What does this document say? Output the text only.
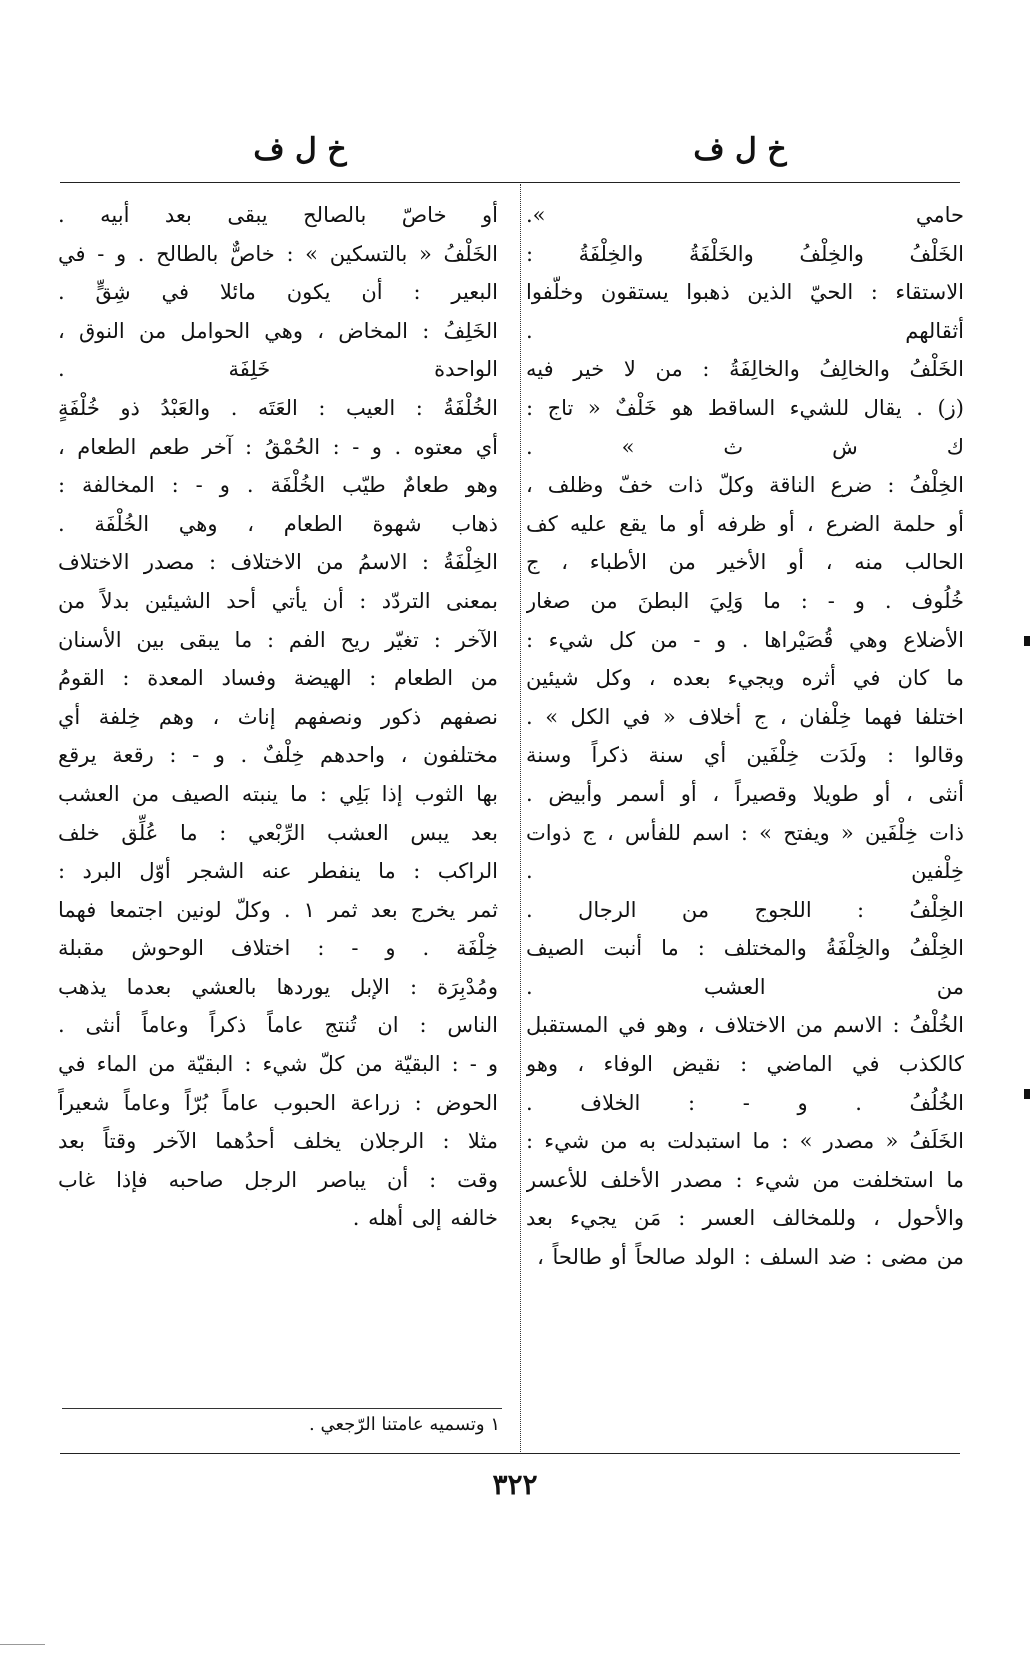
خ ل ف
خ ل ف
حامي ».
الخَلْفُ والخِلْفُ والخَلْفَةُ والخِلْفَةُ :
الاستقاء : الحيّ الذين ذهبوا يستقون وخلّفوا
أثقالهم .
الخَلْفُ والخالِفُ والخالِفَةُ : من لا خير فيه
(ز) . يقال للشيء الساقط هو خَلْفٌ « تاج :
ك ش ث » .
الخِلْفُ : ضرع الناقة وكلّ ذات خفّ وظلف ،
أو حلمة الضرع ، أو ظرفه أو ما يقع عليه كف
الحالب منه ، أو الأخير من الأطباء ، ج
خُلُوف . و - : ما وَلِيَ البطنَ من صغار
الأضلاع وهي قُصَيْراها . و - من كل شيء :
ما كان في أثره ويجيء بعده ، وكل شيئين
اختلفا فهما خِلْفان ، ج أخلاف « في الكل » .
وقالوا : ولَدَت خِلْفَين أي سنة ذكراً وسنة
أنثى ، أو طويلا وقصيراً ، أو أسمر وأبيض .
ذات خِلْفَين « ويفتح » : اسم للفأس ، ج ذوات
خِلْفين .
الخِلْفُ : اللجوج من الرجال .
الخِلْفُ والخِلْفَةُ والمختلف : ما أنبت الصيف
من العشب .
الخُلْفُ : الاسم من الاختلاف ، وهو في المستقبل
كالكذب في الماضي : نقيض الوفاء ، وهو
الخُلُفُ . و - : الخلاف .
الخَلَفُ « مصدر » : ما استبدلت به من شيء :
ما استخلفت من شيء : مصدر الأخلف للأعسر
والأحول ، وللمخالف العسر : مَن يجيء بعد
من مضى : ضد السلف : الولد صالحاً أو طالحاً ،
أو خاصّ بالصالح يبقى بعد أبيه .
الخَلْفُ « بالتسكين » : خاصٌّ بالطالح . و - في
البعير : أن يكون مائلا في شِقٍّ .
الخَلِفُ : المخاض ، وهي الحوامل من النوق ،
الواحدة خَلِفَة .
الخُلْفَةُ : العيب : العَتَه . والعَبْدُ ذو خُلْفَةٍ
أي معتوه . و - : الحُمْقُ : آخر طعم الطعام ،
وهو طعامٌ طيّب الخُلْفَة . و - : المخالفة :
ذهاب شهوة الطعام ، وهي الخُلْفَة .
الخِلْفَةُ : الاسمُ من الاختلاف : مصدر الاختلاف
بمعنى التردّد : أن يأتي أحد الشيئين بدلاً من
الآخر : تغيّر ريح الفم : ما يبقى بين الأسنان
من الطعام : الهيضة وفساد المعدة : القومُ
نصفهم ذكور ونصفهم إناث ، وهم خِلفة أي
مختلفون ، واحدهم خِلْفٌ . و - : رقعة يرقع
بها الثوب إذا بَلِي : ما ينبته الصيف من العشب
بعد يبس العشب الرِّبْعي : ما عُلِّق خلف
الراكب : ما ينفطر عنه الشجر أوّل البرد :
ثمر يخرج بعد ثمر ١ . وكلّ لونين اجتمعا فهما
خِلْفَة . و - : اختلاف الوحوش مقبلة
ومُدْبِرَة : الإبل يوردها بالعشي بعدما يذهب
الناس : ان تُنتج عاماً ذكراً وعاماً أنثى .
و - : البقيّة من كلّ شيء : البقيّة من الماء في
الحوض : زراعة الحبوب عاماً بُرّاً وعاماً شعيراً
مثلا : الرجلان يخلف أحدُهما الآخر وقتاً بعد
وقت : أن يباصر الرجل صاحبه فإذا غاب
خالفه إلى أهله .
١ وتسميه عامتنا الرّجعي .
٣٢٢
